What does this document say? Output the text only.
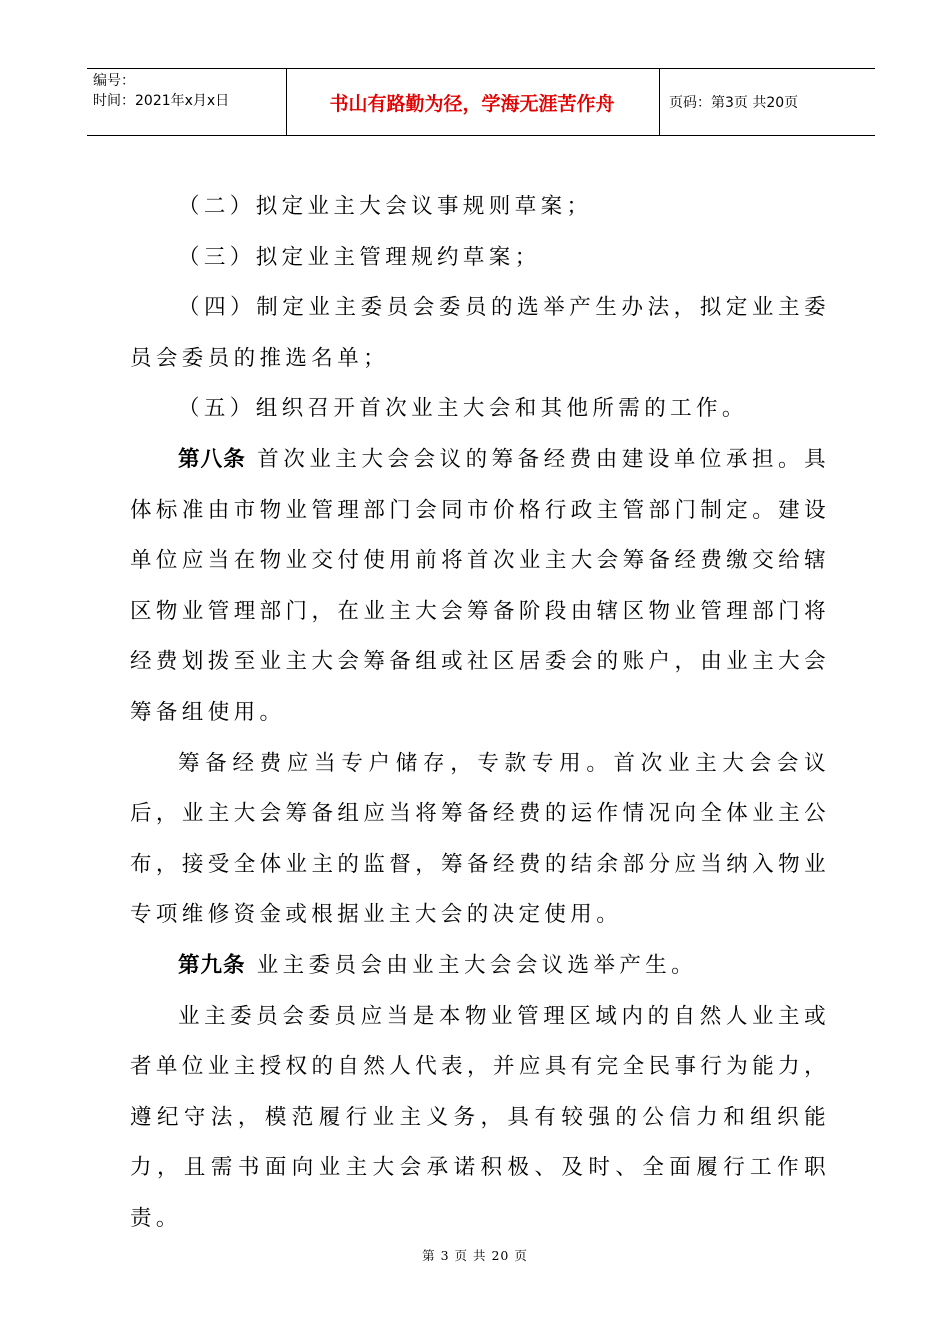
编号：
时间：2021年x月x日	书山有路勤为径，学海无涯苦作舟	页码：第3页 共20页

（二）拟定业主大会议事规则草案；

（三）拟定业主管理规约草案；

（四）制定业主委员会委员的选举产生办法，拟定业主委员会委员的推选名单；

（五）组织召开首次业主大会和其他所需的工作。

第八条 首次业主大会会议的筹备经费由建设单位承担。具体标准由市物业管理部门会同市价格行政主管部门制定。建设单位应当在物业交付使用前将首次业主大会筹备经费缴交给辖区物业管理部门，在业主大会筹备阶段由辖区物业管理部门将经费划拨至业主大会筹备组或社区居委会的账户，由业主大会筹备组使用。

筹备经费应当专户储存，专款专用。首次业主大会会议后，业主大会筹备组应当将筹备经费的运作情况向全体业主公布，接受全体业主的监督，筹备经费的结余部分应当纳入物业专项维修资金或根据业主大会的决定使用。

第九条 业主委员会由业主大会会议选举产生。

业主委员会委员应当是本物业管理区域内的自然人业主或者单位业主授权的自然人代表，并应具有完全民事行为能力，遵纪守法，模范履行业主义务，具有较强的公信力和组织能力，且需书面向业主大会承诺积极、及时、全面履行工作职责。

第 3 页 共 20 页
